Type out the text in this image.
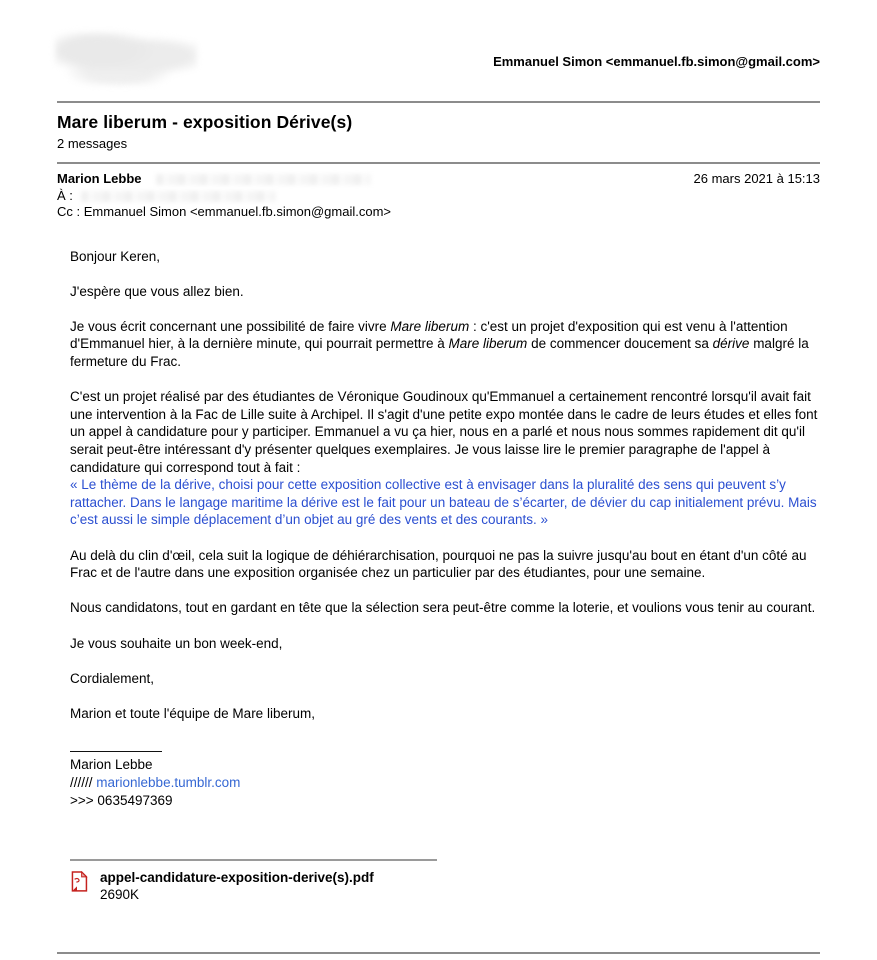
Emmanuel Simon <emmanuel.fb.simon@gmail.com>
Mare liberum - exposition Dérive(s)
2 messages
Marion Lebbe	26 mars 2021 à 15:13
À :
Cc : Emmanuel Simon <emmanuel.fb.simon@gmail.com>
Bonjour Keren,
J'espère que vous allez bien.
Je vous écrit concernant une possibilité de faire vivre Mare liberum : c'est un projet d'exposition qui est venu à l'attention d'Emmanuel hier, à la dernière minute, qui pourrait permettre à Mare liberum de commencer doucement sa dérive malgré la fermeture du Frac.
C'est un projet réalisé par des étudiantes de Véronique Goudinoux qu'Emmanuel a certainement rencontré lorsqu'il avait fait une intervention à la Fac de Lille suite à Archipel. Il s'agit d'une petite expo montée dans le cadre de leurs études et elles font un appel à candidature pour y participer. Emmanuel a vu ça hier, nous en a parlé et nous nous sommes rapidement dit qu'il serait peut-être intéressant d'y présenter quelques exemplaires. Je vous laisse lire le premier paragraphe de l'appel à candidature qui correspond tout à fait :
« Le thème de la dérive, choisi pour cette exposition collective est à envisager dans la pluralité des sens qui peuvent s’y rattacher. Dans le langage maritime la dérive est le fait pour un bateau de s’écarter, de dévier du cap initialement prévu. Mais c’est aussi le simple déplacement d’un objet au gré des vents et des courants. »
Au delà du clin d'œil, cela suit la logique de déhiérarchisation, pourquoi ne pas la suivre jusqu'au bout en étant d'un côté au Frac et de l'autre dans une exposition organisée chez un particulier par des étudiantes, pour une semaine.
Nous candidatons, tout en gardant en tête que la sélection sera peut-être comme la loterie, et voulions vous tenir au courant.
Je vous souhaite un bon week-end,
Cordialement,
Marion et toute l'équipe de Mare liberum,
Marion Lebbe
////// marionlebbe.tumblr.com
>>> 0635497369
appel-candidature-exposition-derive(s).pdf
2690K
